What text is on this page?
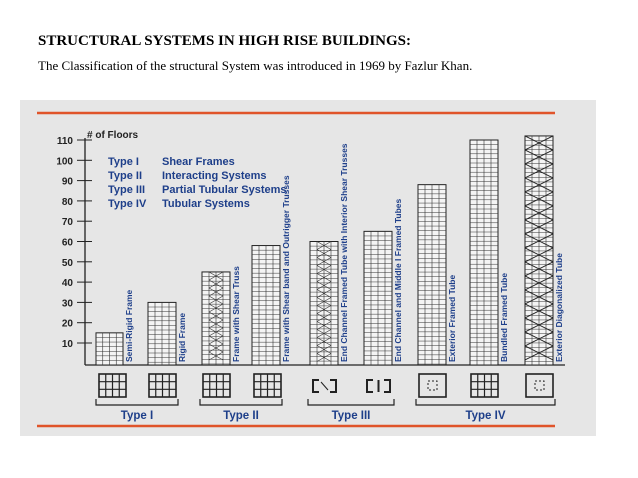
STRUCTURAL SYSTEMS IN HIGH RISE BUILDINGS:
The Classification of the structural System was introduced in 1969 by Fazlur Khan.
# of Floors
110
100
90
80
70
60
50
40
30
20
10
Type I Shear Frames
Type II Interacting Systems
Type III Partial Tubular Systems
Type IV Tubular Systems
Semi-Rigid Frame	Rigid Frame	Frame with Shear Truss	Frame with Shear band and Outrigger Trusses	End Channel Framed Tube with Interior Shear Trusses	End Channel and Middle I Framed Tubes	Exterior Framed Tube	Bundled Framed Tube	Exterior Diagonalized Tube
Type I	Type II	Type III	Type IV
